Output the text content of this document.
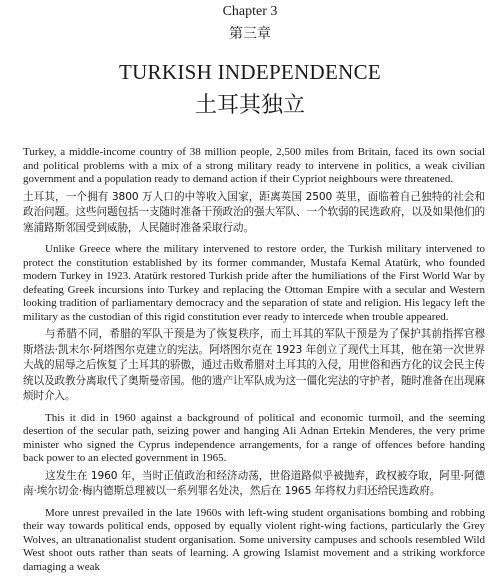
Chapter 3
第三章
TURKISH INDEPENDENCE
土耳其独立

Turkey, a middle-income country of 38 million people, 2,500 miles from Britain, faced its own social and political problems with a mix of a strong military ready to intervene in politics, a weak civilian government and a population ready to demand action if their Cypriot neighbours were threatened.

土耳其，一个拥有 3800 万人口的中等收入国家，距离英国 2500 英里，面临着自己独特的社会和政治问题。这些问题包括一支随时准备干预政治的强大军队、一个软弱的民选政府，以及如果他们的塞浦路斯邻国受到威胁，人民随时准备采取行动。

Unlike Greece where the military intervened to restore order, the Turkish military intervened to protect the constitution established by its former commander, Mustafa Kemal Atatürk, who founded modern Turkey in 1923. Atatürk restored Turkish pride after the humiliations of the First World War by defeating Greek incursions into Turkey and replacing the Ottoman Empire with a secular and Western looking tradition of parliamentary democracy and the separation of state and religion. His legacy left the military as the custodian of this rigid constitution ever ready to intercede when trouble appeared.

与希腊不同，希腊的军队干预是为了恢复秩序，而土耳其的军队干预是为了保护其前指挥官穆斯塔法·凯末尔·阿塔图尔克建立的宪法。阿塔图尔克在 1923 年创立了现代土耳其，他在第一次世界大战的屈辱之后恢复了土耳其的骄傲，通过击败希腊对土耳其的入侵，用世俗和西方化的议会民主传统以及政教分离取代了奥斯曼帝国。他的遗产让军队成为这一僵化宪法的守护者，随时准备在出现麻烦时介入。

This it did in 1960 against a background of political and economic turmoil, and the seeming desertion of the secular path, seizing power and hanging Ali Adnan Ertekin Menderes, the very prime minister who signed the Cyprus independence arrangements, for a range of offences before handing back power to an elected government in 1965.

这发生在 1960 年，当时正值政治和经济动荡，世俗道路似乎被抛弃，政权被夺取，阿里·阿德南·埃尔切金·梅内德斯总理被以一系列罪名处决，然后在 1965 年将权力归还给民选政府。

More unrest prevailed in the late 1960s with left-wing student organisations bombing and robbing their way towards political ends, opposed by equally violent right-wing factions, particularly the Grey Wolves, an ultranationalist student organisation. Some university campuses and schools resembled Wild West shoot outs rather than seats of learning. A growing Islamist movement and a striking workforce damaging a weak
